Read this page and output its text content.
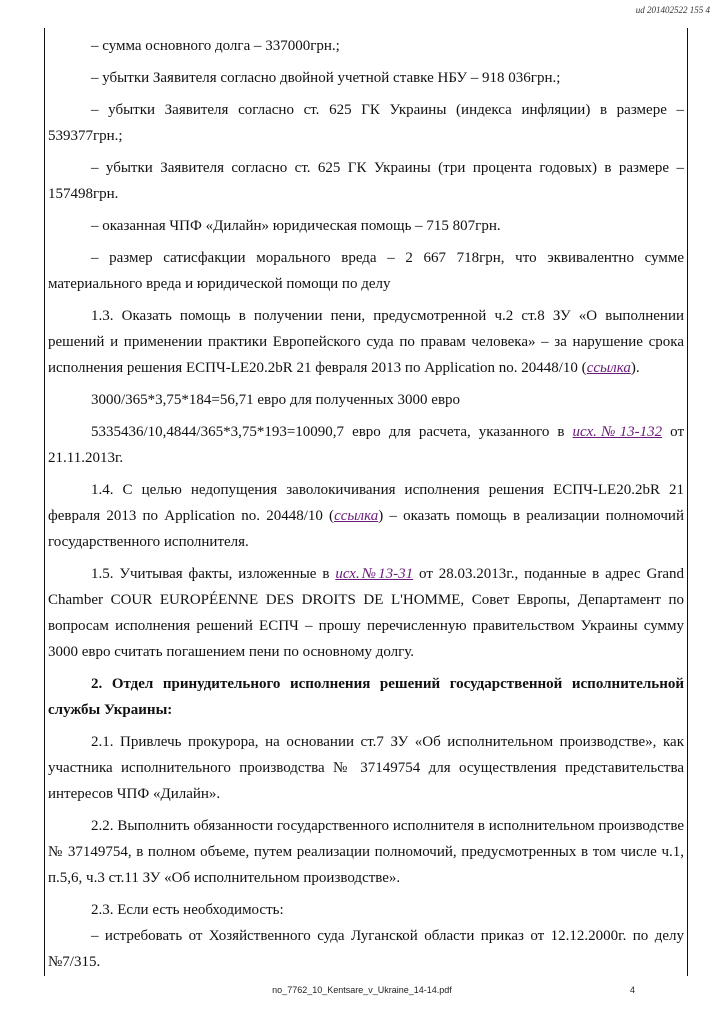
ud 201402522 155 4

– сумма основного долга – 337000грн.;

– убытки Заявителя согласно двойной учетной ставке НБУ – 918 036грн.;

– убытки Заявителя согласно ст. 625 ГК Украины (индекса инфляции) в размере – 539377грн.;

– убытки Заявителя согласно ст. 625 ГК Украины (три процента годовых) в размере – 157498грн.

– оказанная ЧПФ «Дилайн» юридическая помощь – 715 807грн.

– размер сатисфакции морального вреда – 2 667 718грн, что эквивалентно сумме материального вреда и юридической помощи по делу

1.3. Оказать помощь в получении пени, предусмотренной ч.2 ст.8 ЗУ «О выполнении решений и применении практики Европейского суда по правам человека» – за нарушение срока исполнения решения ЕСПЧ-LE20.2bR 21 февраля 2013 по Application no. 20448/10 (ссылка).

3000/365*3,75*184=56,71 евро для полученных 3000 евро

5335436/10,4844/365*3,75*193=10090,7 евро для расчета, указанного в исх.№13-132 от 21.11.2013г.

1.4. С целью недопущения заволокичивания исполнения решения ЕСПЧ-LE20.2bR 21 февраля 2013 по Application no. 20448/10 (ссылка) – оказать помощь в реализации полномочий государственного исполнителя.

1.5. Учитывая факты, изложенные в исх.№13-31 от 28.03.2013г., поданные в адрес Grand Chamber COUR EUROPÉENNE DES DROITS DE L'HOMME, Совет Европы, Департамент по вопросам исполнения решений ЕСПЧ – прошу перечисленную правительством Украины сумму 3000 евро считать погашением пени по основному долгу.

2. Отдел принудительного исполнения решений государственной исполнительной службы Украины:

2.1. Привлечь прокурора, на основании ст.7 ЗУ «Об исполнительном производстве», как участника исполнительного производства № 37149754 для осуществления представительства интересов ЧПФ «Дилайн».

2.2. Выполнить обязанности государственного исполнителя в исполнительном производстве № 37149754, в полном объеме, путем реализации полномочий, предусмотренных в том числе ч.1, п.5,6, ч.3 ст.11 ЗУ «Об исполнительном производстве».

2.3. Если есть необходимость:

– истребовать от Хозяйственного суда Луганской области приказ от 12.12.2000г. по делу №7/315.

no_7762_10_Kentsare_v_Ukraine_14-14.pdf	4
